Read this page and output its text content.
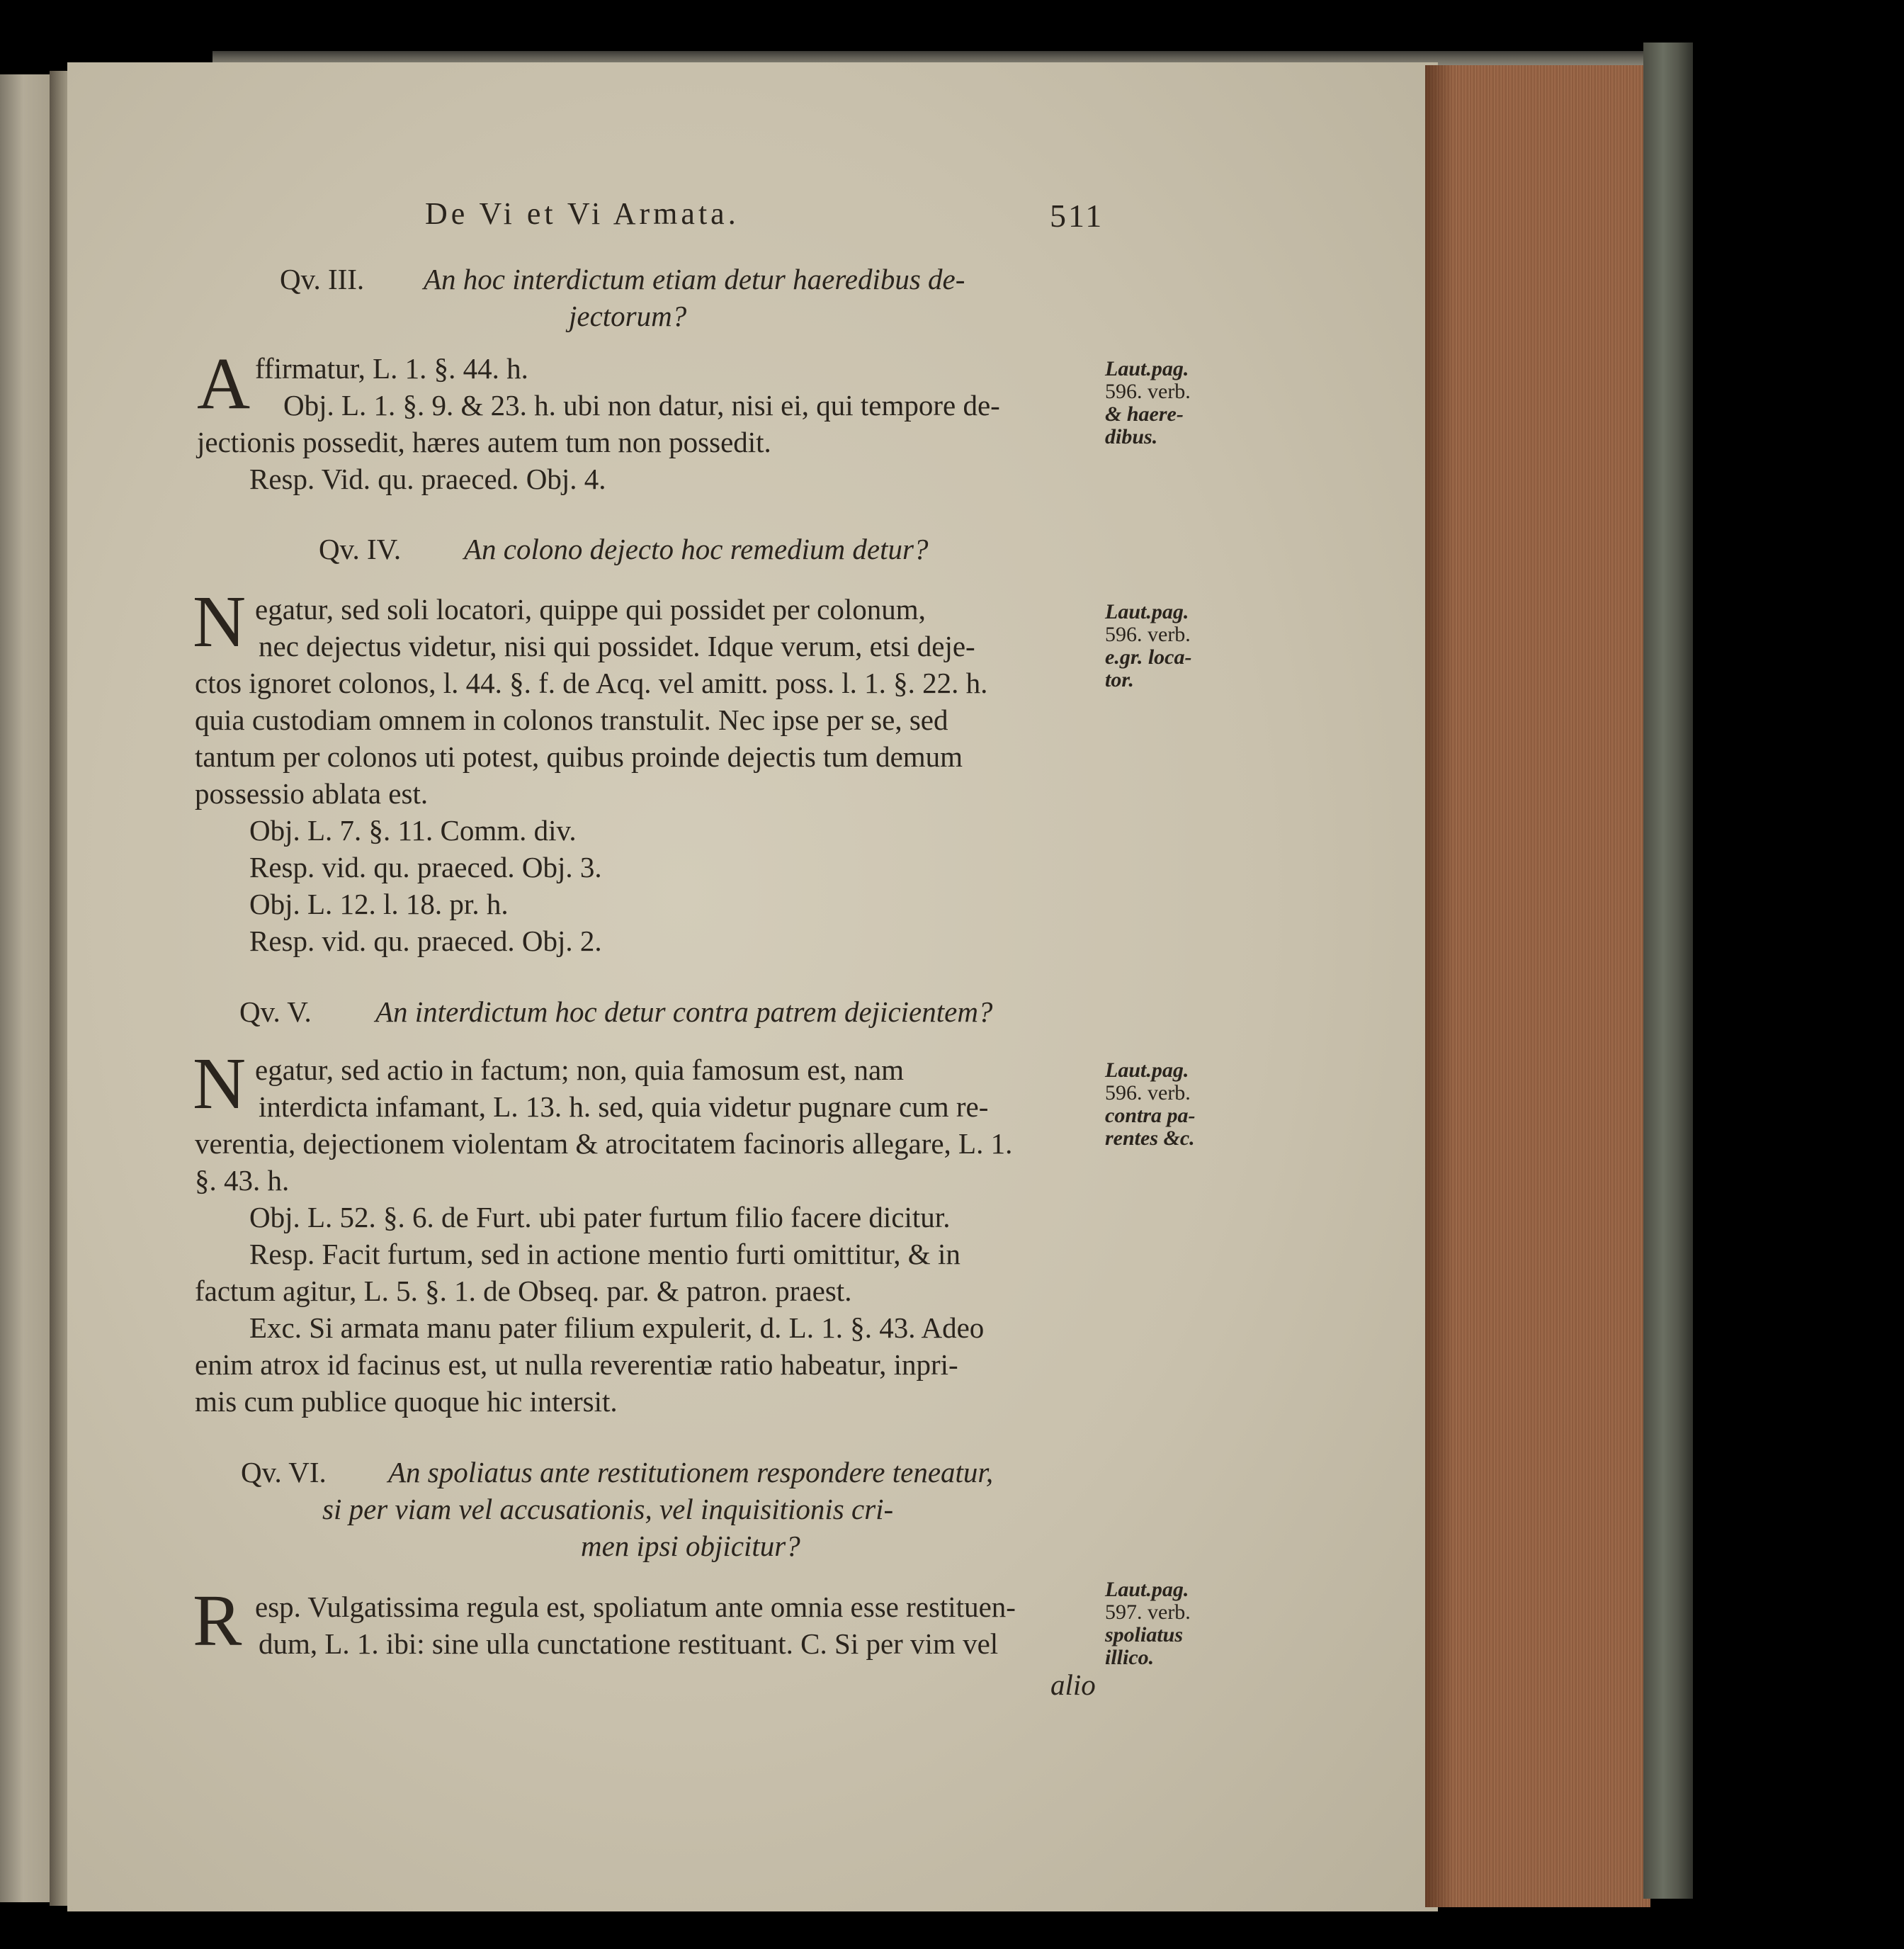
De Vi et Vi Armata.	511
Qv. III. An hoc interdictum etiam detur haeredibus de-
jectorum?
A ffirmatur, L. 1. §. 44. h.
Obj. L. 1. §. 9. & 23. h. ubi non datur, nisi ei, qui tempore de-
jectionis possedit, hæres autem tum non possedit.
Resp. Vid. qu. praeced. Obj. 4.
Laut.pag.
596. verb.
& haere-
dibus.
Qv. IV. An colono dejecto hoc remedium detur?
N egatur, sed soli locatori, quippe qui possidet per colonum,
nec dejectus videtur, nisi qui possidet. Idque verum, etsi deje-
ctos ignoret colonos, l. 44. §. f. de Acq. vel amitt. poss. l. 1. §. 22. h.
quia custodiam omnem in colonos transtulit. Nec ipse per se, sed
tantum per colonos uti potest, quibus proinde dejectis tum demum
possessio ablata est.
Obj. L. 7. §. 11. Comm. div.
Resp. vid. qu. praeced. Obj. 3.
Obj. L. 12. l. 18. pr. h.
Resp. vid. qu. praeced. Obj. 2.
Laut.pag.
596. verb.
e.gr. loca-
tor.
Qv. V. An interdictum hoc detur contra patrem dejicientem?
N egatur, sed actio in factum; non, quia famosum est, nam
interdicta infamant, L. 13. h. sed, quia videtur pugnare cum re-
verentia, dejectionem violentam & atrocitatem facinoris allegare, L. 1.
§. 43. h.
Obj. L. 52. §. 6. de Furt. ubi pater furtum filio facere dicitur.
Resp. Facit furtum, sed in actione mentio furti omittitur, & in
factum agitur, L. 5. §. 1. de Obseq. par. & patron. praest.
Exc. Si armata manu pater filium expulerit, d. L. 1. §. 43. Adeo
enim atrox id facinus est, ut nulla reverentiæ ratio habeatur, inpri-
mis cum publice quoque hic intersit.
Laut.pag.
596. verb.
contra pa-
rentes &c.
Qv. VI. An spoliatus ante restitutionem respondere teneatur,
si per viam vel accusationis, vel inquisitionis cri-
men ipsi objicitur?
R esp. Vulgatissima regula est, spoliatum ante omnia esse restituen-
dum, L. 1. ibi: sine ulla cunctatione restituant. C. Si per vim vel
alio
Laut.pag.
597. verb.
spoliatus
illico.
